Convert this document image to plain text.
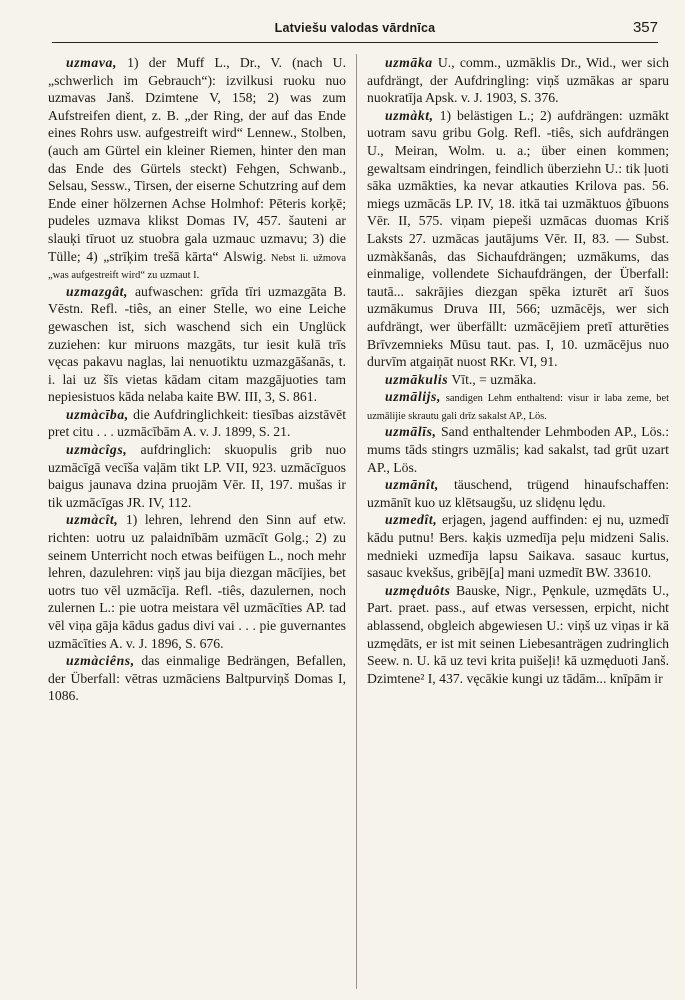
Latviešu valodas vārdnīca	357

uzmava, 1) der Muff L., Dr., V. (nach U. „schwerlich im Gebrauch“): izvilkusi ruoku nuo uzmavas Janš. Dzimtene V, 158; 2) was zum Aufstreifen dient, z. B. „der Ring, der auf das Ende eines Rohrs usw. aufgestreift wird“ Lennew., Stolben, (auch am Gürtel ein kleiner Riemen, hinter den man das Ende des Gürtels steckt) Fehgen, Schwanb., Selsau, Sessw., Tirsen, der eiserne Schutzring auf dem Ende einer hölzernen Achse Holmhof: Pēteris korķē; pudeles uzmava klikst Domas IV, 457. šauteni ar slauķi tīruot uz stuobra gala uzmauc uzmavu; 3) die Tülle; 4) „strīķim trešā kārta“ Alswig. Nebst li. užmova „was aufgestreift wird“ zu uzmaut I.

uzmazgât, aufwaschen: grīda tīri uzmazgāta B. Vēstn. Refl. -tiês, an einer Stelle, wo eine Leiche gewaschen ist, sich waschend sich ein Unglück zuziehen: kur miruons mazgāts, tur iesit kulā trīs vęcas pakavu naglas, lai nenuotiktu uzmazgāšanās, t. i. lai uz šīs vietas kādam citam mazgājuoties tam nepiesistuos kāda nelaba kaite BW. III, 3, S. 861.

uzmàcība, die Aufdringlichkeit: tiesības aizstāvēt pret citu . . . uzmācībām A. v. J. 1899, S. 21.

uzmàcîgs, aufdringlich: skuopulis grib nuo uzmācīgā vecīša vaļām tikt LP. VII, 923. uzmācīguos baigus jaunava dzina pruojām Vēr. II, 197. mušas ir tik uzmācīgas JR. IV, 112.

uzmàcît, 1) lehren, lehrend den Sinn auf etw. richten: uotru uz palaidnībām uzmācīt Golg.; 2) zu seinem Unterricht noch etwas beifügen L., noch mehr lehren, dazulehren: viņš jau bija diezgan mācījies, bet uotrs tuo vēl uzmācīja. Refl. -tiês, dazulernen, noch zulernen L.: pie uotra meistara vēl uzmācīties AP. tad vēl viņa gāja kādus gadus divi vai . . . pie guvernantes uzmācīties A. v. J. 1896, S. 676.

uzmàciêns, das einmalige Bedrängen, Befallen, der Überfall: vētras uzmāciens Baltpurviņš Domas I, 1086.

uzmāka U., comm., uzmāklis Dr., Wid., wer sich aufdrängt, der Aufdringling: viņš uzmākas ar sparu nuokratīja Apsk. v. J. 1903, S. 376.

uzmàkt, 1) belästigen L.; 2) aufdrängen: uzmākt uotram savu gribu Golg. Refl. -tiês, sich aufdrängen U., Meiran, Wolm. u. a.; über einen kommen; gewaltsam eindringen, feindlich überziehn U.: tik ļuoti sāka uzmākties, ka nevar atkauties Krilova pas. 56. miegs uzmācās LP. IV, 18. itkā tai uzmāktuos ģībuons Vēr. II, 575. viņam piepeši uzmācas duomas Kriš Laksts 27. uzmācas jautājums Vēr. II, 83. — Subst. uzmàkšanâs, das Sichaufdrängen; uzmākums, das einmalige, vollendete Sichaufdrängen, der Überfall: tautā... sakrājies diezgan spēka izturēt arī šuos uzmākumus Druva III, 566; uzmācējs, wer sich aufdrängt, wer überfällt: uzmācējiem pretī atturēties Brīvzemnieks Mūsu taut. pas. I, 10. uzmācējus nuo durvīm atgaiņāt nuost RKr. VI, 91.

uzmākulis Vīt., = uzmāka.

uzmālijs, sandigen Lehm enthaltend: visur ir laba zeme, bet uzmālijie skrautu gali drīz sakalst AP., Lös.

uzmālīs, Sand enthaltender Lehmboden AP., Lös.: mums tāds stingrs uzmālis; kad sakalst, tad grūt uzart AP., Lös.

uzmānît, täuschend, trügend hinaufschaffen: uzmānīt kuo uz klētsaugšu, uz slidęnu lędu.

uzmedît, erjagen, jagend auffinden: ej nu, uzmedī kādu putnu! Bers. kaķis uzmedīja peļu midzeni Salis. mednieki uzmedīja lapsu Saikava. sasauc kurtus, sasauc kvekšus, gribēj[a] mani uzmedīt BW. 33610.

uzmęduôts Bauske, Nigr., Pęnkule, uzmędāts U., Part. praet. pass., auf etwas versessen, erpicht, nicht ablassend, obgleich abgewiesen U.: viņš uz viņas ir kā uzmędāts, er ist mit seinen Liebesanträgen zudringlich Seew. n. U. kā uz tevi krita puišeļi! kā uzmęduoti Janš. Dzimtene² I, 437. vęcākie kungi uz tādām... knīpām ir
